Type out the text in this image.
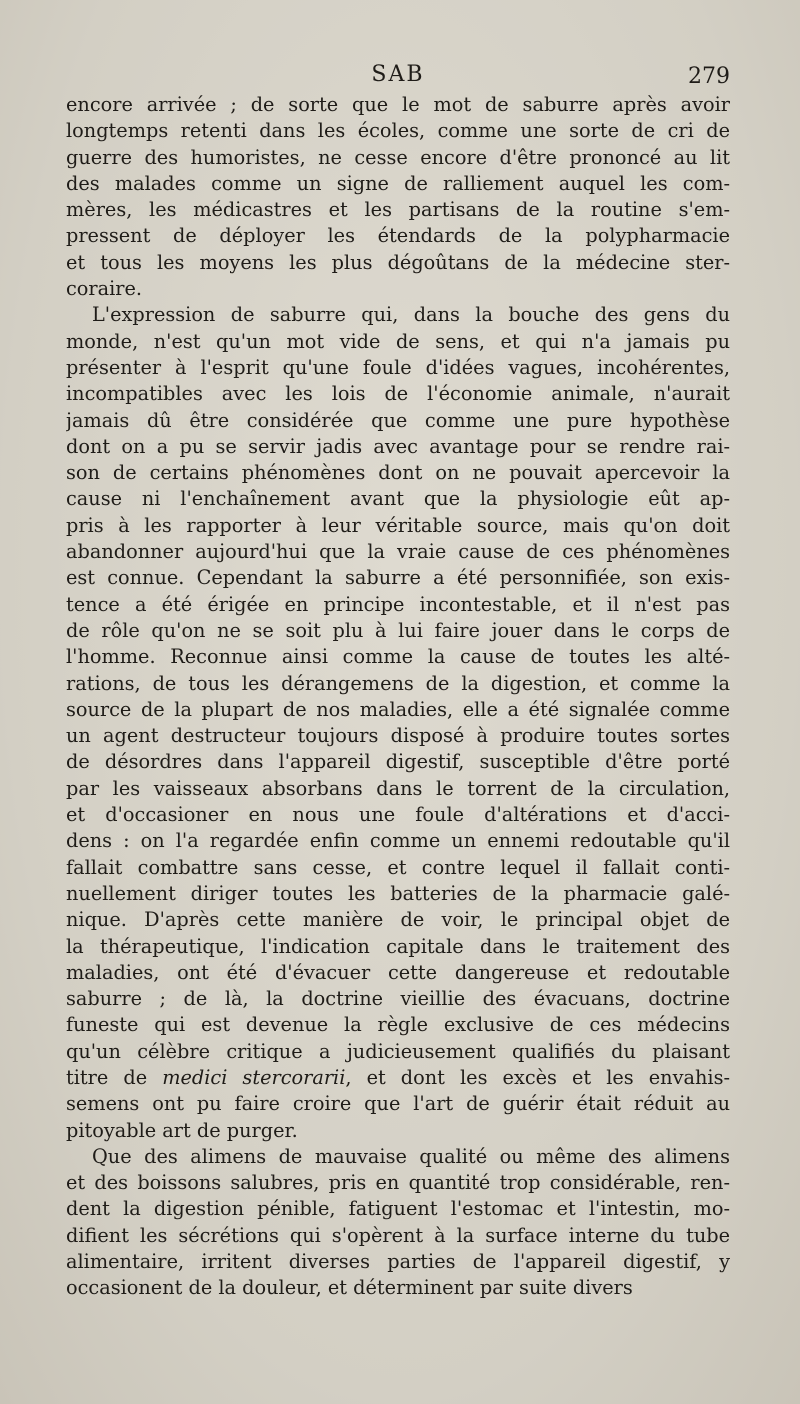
SAB	279
encore arrivée ; de sorte que le mot de saburre après avoir
longtemps retenti dans les écoles, comme une sorte de cri de
guerre des humoristes, ne cesse encore d'être prononcé au lit
des malades comme un signe de ralliement auquel les com-
mères, les médicastres et les partisans de la routine s'em-
pressent de déployer les étendards de la polypharmacie
et tous les moyens les plus dégoûtans de la médecine ster-
coraire.
L'expression de saburre qui, dans la bouche des gens du
monde, n'est qu'un mot vide de sens, et qui n'a jamais pu
présenter à l'esprit qu'une foule d'idées vagues, incohérentes,
incompatibles avec les lois de l'économie animale, n'aurait
jamais dû être considérée que comme une pure hypothèse
dont on a pu se servir jadis avec avantage pour se rendre rai-
son de certains phénomènes dont on ne pouvait apercevoir la
cause ni l'enchaînement avant que la physiologie eût ap-
pris à les rapporter à leur véritable source, mais qu'on doit
abandonner aujourd'hui que la vraie cause de ces phénomènes
est connue. Cependant la saburre a été personnifiée, son exis-
tence a été érigée en principe incontestable, et il n'est pas
de rôle qu'on ne se soit plu à lui faire jouer dans le corps de
l'homme. Reconnue ainsi comme la cause de toutes les alté-
rations, de tous les dérangemens de la digestion, et comme la
source de la plupart de nos maladies, elle a été signalée comme
un agent destructeur toujours disposé à produire toutes sortes
de désordres dans l'appareil digestif, susceptible d'être porté
par les vaisseaux absorbans dans le torrent de la circulation,
et d'occasioner en nous une foule d'altérations et d'acci-
dens : on l'a regardée enfin comme un ennemi redoutable qu'il
fallait combattre sans cesse, et contre lequel il fallait conti-
nuellement diriger toutes les batteries de la pharmacie galé-
nique. D'après cette manière de voir, le principal objet de
la thérapeutique, l'indication capitale dans le traitement des
maladies, ont été d'évacuer cette dangereuse et redoutable
saburre ; de là, la doctrine vieillie des évacuans, doctrine
funeste qui est devenue la règle exclusive de ces médecins
qu'un célèbre critique a judicieusement qualifiés du plaisant
titre de medici stercorarii, et dont les excès et les envahis-
semens ont pu faire croire que l'art de guérir était réduit au
pitoyable art de purger.
Que des alimens de mauvaise qualité ou même des alimens
et des boissons salubres, pris en quantité trop considérable, ren-
dent la digestion pénible, fatiguent l'estomac et l'intestin, mo-
difient les sécrétions qui s'opèrent à la surface interne du tube
alimentaire, irritent diverses parties de l'appareil digestif, y
occasionent de la douleur, et déterminent par suite divers
